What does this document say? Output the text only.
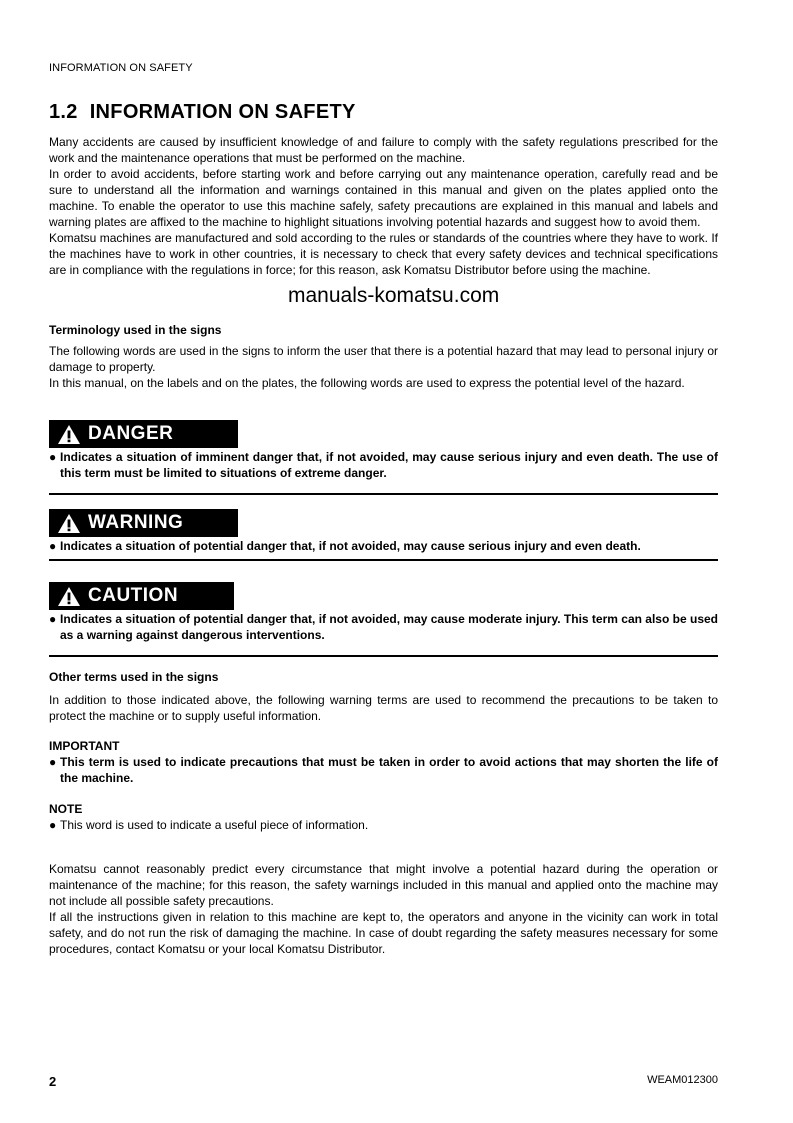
INFORMATION ON SAFETY
1.2 INFORMATION ON SAFETY

Many accidents are caused by insufficient knowledge of and failure to comply with the safety regulations prescribed for the work and the maintenance operations that must be performed on the machine.

In order to avoid accidents, before starting work and before carrying out any maintenance operation, carefully read and be sure to understand all the information and warnings contained in this manual and given on the plates applied onto the machine. To enable the operator to use this machine safely, safety precautions are explained in this manual and labels and warning plates are affixed to the machine to highlight situations involving potential hazards and suggest how to avoid them.

Komatsu machines are manufactured and sold according to the rules or standards of the countries where they have to work. If the machines have to work in other countries, it is necessary to check that every safety devices and technical specifications are in compliance with the regulations in force; for this reason, ask Komatsu Distributor before using the machine.

manuals-komatsu.com
Terminology used in the signs

The following words are used in the signs to inform the user that there is a potential hazard that may lead to personal injury or damage to property.

In this manual, on the labels and on the plates, the following words are used to express the potential level of the hazard.

DANGER
● Indicates a situation of imminent danger that, if not avoided, may cause serious injury and even death. The use of this term must be limited to situations of extreme danger.
WARNING
● Indicates a situation of potential danger that, if not avoided, may cause serious injury and even death.
CAUTION
● Indicates a situation of potential danger that, if not avoided, may cause moderate injury. This term can also be used as a warning against dangerous interventions.
Other terms used in the signs

In addition to those indicated above, the following warning terms are used to recommend the precautions to be taken to protect the machine or to supply useful information.

IMPORTANT
● This term is used to indicate precautions that must be taken in order to avoid actions that may shorten the life of the machine.
NOTE
● This word is used to indicate a useful piece of information.

Komatsu cannot reasonably predict every circumstance that might involve a potential hazard during the operation or maintenance of the machine; for this reason, the safety warnings included in this manual and applied onto the machine may not include all possible safety precautions.

If all the instructions given in relation to this machine are kept to, the operators and anyone in the vicinity can work in total safety, and do not run the risk of damaging the machine. In case of doubt regarding the safety measures necessary for some procedures, contact Komatsu or your local Komatsu Distributor.

2	WEAM012300
